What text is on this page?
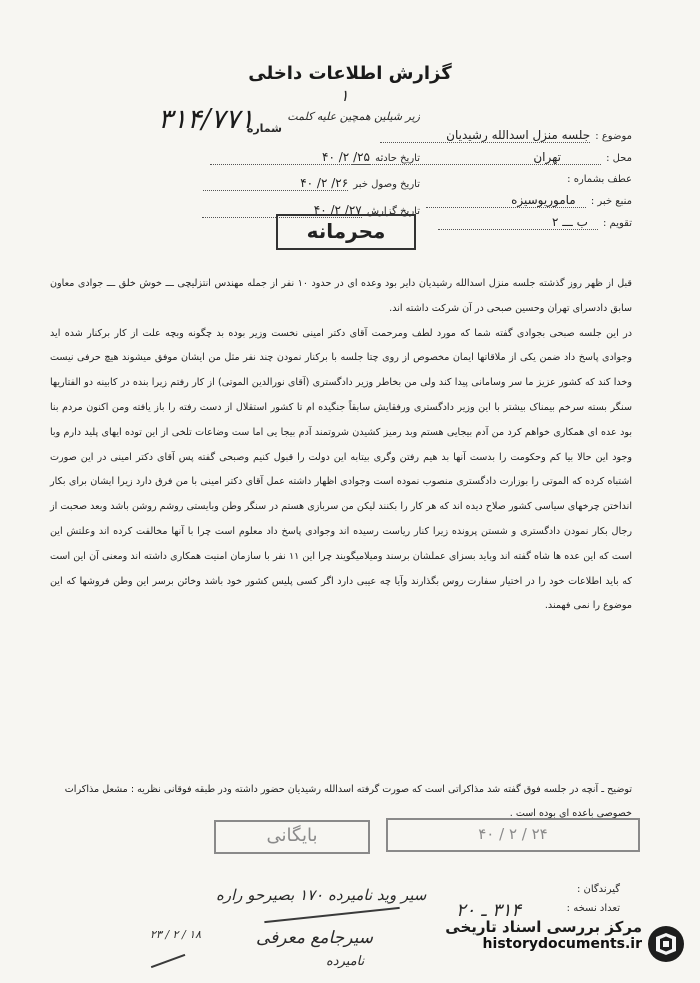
گزارش اطلاعات داخلی
شماره
۳۱۴/۷۷۱
۱
زیر شیلین همچین علیه کلمت
موضوع : جلسه منزل اسدالله رشیدیان
محل : تهران
عطف بشماره :
منبع خبر : ماموریوسیزه
تقویم : ب ـــ ۲
تاریخ حادثه ۲۵/ ۲/ ۴۰
تاریخ وصول خبر ۲۶/ ۲/ ۴۰
تاریخ گزارش ۲۷/ ۲/ ۴۰
محرمانه

قبل از ظهر روز گذشته جلسه منزل اسدالله رشیدیان دایر بود وعده ای در حدود ۱۰ نفر از جمله مهندس انتزلیچی ـــ خوش خلق ـــ جوادی معاون سابق دادسرای تهران وحسین صبحی در آن شرکت داشته اند.

در این جلسه صبحی بجوادی گفته شما که مورد لطف ومرحمت آقای دکتر امینی نخست وزیر بوده بد چگونه وبچه علت از کار برکنار شده اید وجوادی پاسخ داد ضمن یکی از ملاقاتها ایمان مخصوص از روی چتا جلسه با برکنار نمودن چند نفر مثل من ایشان موفق میشوند هیچ حرفی نیست وخدا کند که کشور عزیز ما سر وسامانی پیدا کند ولی من بخاطر وزیر دادگستری (آقای نورالدین الموتی) از کار رفتم زیرا بنده در کابینه دو الفتاریها سنگر بسته سرخم بیمناک بیشتر با این وزیر دادگستری ورفقایش سابقاً جنگیده ام تا کشور استقلال از دست رفته را باز یافته ومن اکنون مردم بنا بود عده ای همکاری خواهم کرد من آدم بیجایی هستم وبد رمیز کشیدن شروتمند آدم بیجا یی اما ست وضاعات تلخی از این توده ایهای پلید دارم وبا وجود این حالا بیا کم وحکومت را بدست آنها بد هیم رفتن وگری بیتابه این دولت را قبول کنیم وصبحی گفته پس آقای دکتر امینی در این صورت اشتباه کرده که الموتی را بوزارت دادگستری منصوب نموده است وجوادی اظهار داشته عمل آقای دکتر امینی با من فرق دارد زیرا ایشان برای بکار انداختن چرخهای سیاسی کشور صلاح دیده اند که هر کار را بکنند لیکن من سربازی هستم در سنگر وطن وبایستی روشم روشن باشد وبعد صحبت از رجال بکار نمودن دادگستری و شستن پرونده زیرا کنار ریاست رسیده اند وجوادی پاسخ داد معلوم است چرا با آنها مخالفت کرده اند وعلتش این است که این عده ها شاه گفته اند وباید بسزای عملشان برسند ومیلامیگویند چرا این ۱۱ نفر با سازمان امنیت همکاری داشته اند ومعنی آن این است که باید اطلاعات خود را در اختیار سفارت روس بگذارند وآیا چه عیبی دارد اگر کسی پلیس کشور خود باشد وخائن برسر این وطن فروشها که این موضوع را نمی فهمند.

توضیح ـ آنچه در جلسه فوق گفته شد مذاکراتی است که صورت گرفته اسدالله رشیدیان حضور داشته ودر طبقه فوقانی نظریه : مشعل مذاکرات خصوصی باعده ای بوده است .
بایگانی	۲۴ / ۲ / ۴۰
گیرندگان :
تعداد نسخه :
۳۱۴ ـ ۲۰
سیر وید نامیرده ۱۷۰ بصیرحو راره
سیرجامع معرفی
نامیرده
۱۸ / ۲ / ۲۳	مرکز بررسی اسناد تاریخی
historydocuments.ir
